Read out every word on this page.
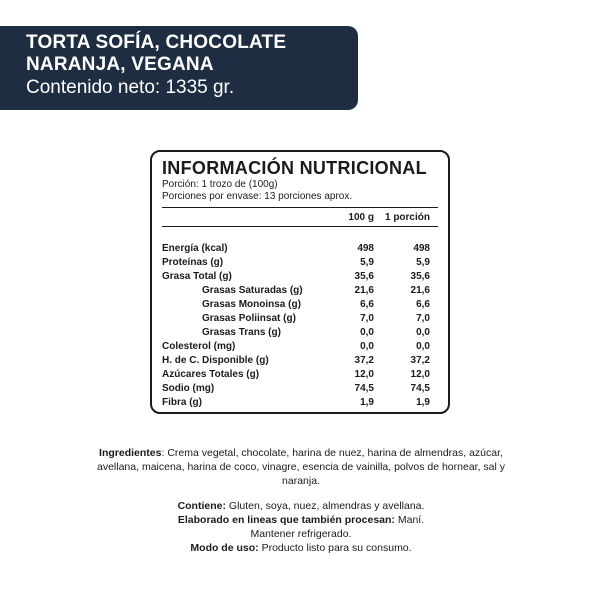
TORTA SOFÍA, CHOCOLATE
NARANJA, VEGANA
Contenido neto: 1335 gr.
INFORMACIÓN NUTRICIONAL
Porción: 1 trozo de (100g)
Porciones por envase: 13 porciones aprox.
100 g	1 porción
Energía (kcal)	498	498
Proteínas (g)	5,9	5,9
Grasa Total (g)	35,6	35,6
Grasas Saturadas (g)	21,6	21,6
Grasas Monoinsa (g)	6,6	6,6
Grasas Poliinsat (g)	7,0	7,0
Grasas Trans (g)	0,0	0,0
Colesterol (mg)	0,0	0,0
H. de C. Disponible (g)	37,2	37,2
Azúcares Totales (g)	12,0	12,0
Sodio (mg)	74,5	74,5
Fibra (g)	1,9	1,9
Ingredientes: Crema vegetal, chocolate, harina de nuez, harina de almendras, azúcar, avellana, maicena, harina de coco, vinagre, esencia de vainilla, polvos de hornear, sal y naranja.
Contiene: Gluten, soya, nuez, almendras y avellana.
Elaborado en lineas que también procesan: Maní.
Mantener refrigerado.
Modo de uso: Producto listo para su consumo.
